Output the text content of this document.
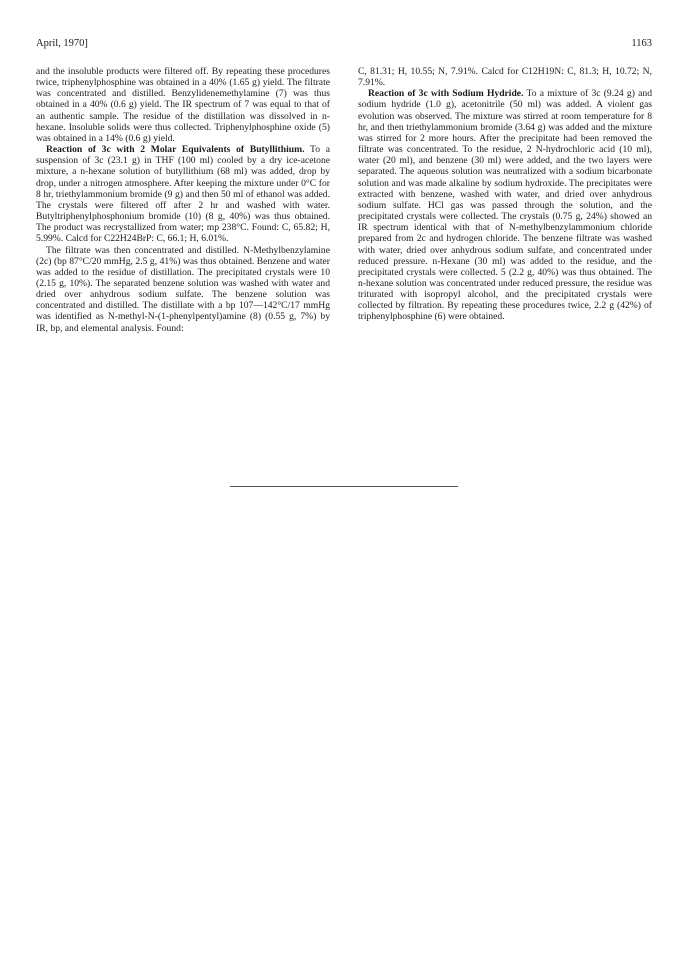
April, 1970]	1163

and the insoluble products were filtered off. By repeating these procedures twice, triphenylphosphine was obtained in a 40% (1.65 g) yield. The filtrate was concentrated and distilled. Benzylidenemethylamine (7) was thus obtained in a 40% (0.6 g) yield. The IR spectrum of 7 was equal to that of an authentic sample. The residue of the distillation was dissolved in n-hexane. Insoluble solids were thus collected. Triphenylphosphine oxide (5) was obtained in a 14% (0.6 g) yield.

Reaction of 3c with 2 Molar Equivalents of Butyllithium. To a suspension of 3c (23.1 g) in THF (100 ml) cooled by a dry ice-acetone mixture, a n-hexane solution of butyllithium (68 ml) was added, drop by drop, under a nitrogen atmosphere. After keeping the mixture under 0°C for 8 hr, triethylammonium bromide (9 g) and then 50 ml of ethanol was added. The crystals were filtered off after 2 hr and washed with water. Butyltriphenylphosphonium bromide (10) (8 g, 40%) was thus obtained. The product was recrystallized from water; mp 238°C. Found: C, 65.82; H, 5.99%. Calcd for C22H24BrP: C, 66.1; H, 6.01%.

The filtrate was then concentrated and distilled. N-Methylbenzylamine (2c) (bp 87°C/20 mmHg, 2.5 g, 41%) was thus obtained. Benzene and water was added to the residue of distillation. The precipitated crystals were 10 (2.15 g, 10%). The separated benzene solution was washed with water and dried over anhydrous sodium sulfate. The benzene solution was concentrated and distilled. The distillate with a bp 107—142°C/17 mmHg was identified as N-methyl-N-(1-phenylpentyl)amine (8) (0.55 g, 7%) by IR, bp, and elemental analysis. Found:

C, 81.31; H, 10.55; N, 7.91%. Calcd for C12H19N: C, 81.3; H, 10.72; N, 7.91%.

Reaction of 3c with Sodium Hydride. To a mixture of 3c (9.24 g) and sodium hydride (1.0 g), acetonitrile (50 ml) was added. A violent gas evolution was observed. The mixture was stirred at room temperature for 8 hr, and then triethylammonium bromide (3.64 g) was added and the mixture was stirred for 2 more hours. After the precipitate had been removed the filtrate was concentrated. To the residue, 2 N-hydrochloric acid (10 ml), water (20 ml), and benzene (30 ml) were added, and the two layers were separated. The aqueous solution was neutralized with a sodium bicarbonate solution and was made alkaline by sodium hydroxide. The precipitates were extracted with benzene, washed with water, and dried over anhydrous sodium sulfate. HCl gas was passed through the solution, and the precipitated crystals were collected. The crystals (0.75 g, 24%) showed an IR spectrum identical with that of N-methylbenzylammonium chloride prepared from 2c and hydrogen chloride. The benzene filtrate was washed with water, dried over anhydrous sodium sulfate, and concentrated under reduced pressure. n-Hexane (30 ml) was added to the residue, and the precipitated crystals were collected. 5 (2.2 g, 40%) was thus obtained. The n-hexane solution was concentrated under reduced pressure, the residue was triturated with isopropyl alcohol, and the precipitated crystals were collected by filtration. By repeating these procedures twice, 2.2 g (42%) of triphenylphosphine (6) were obtained.
